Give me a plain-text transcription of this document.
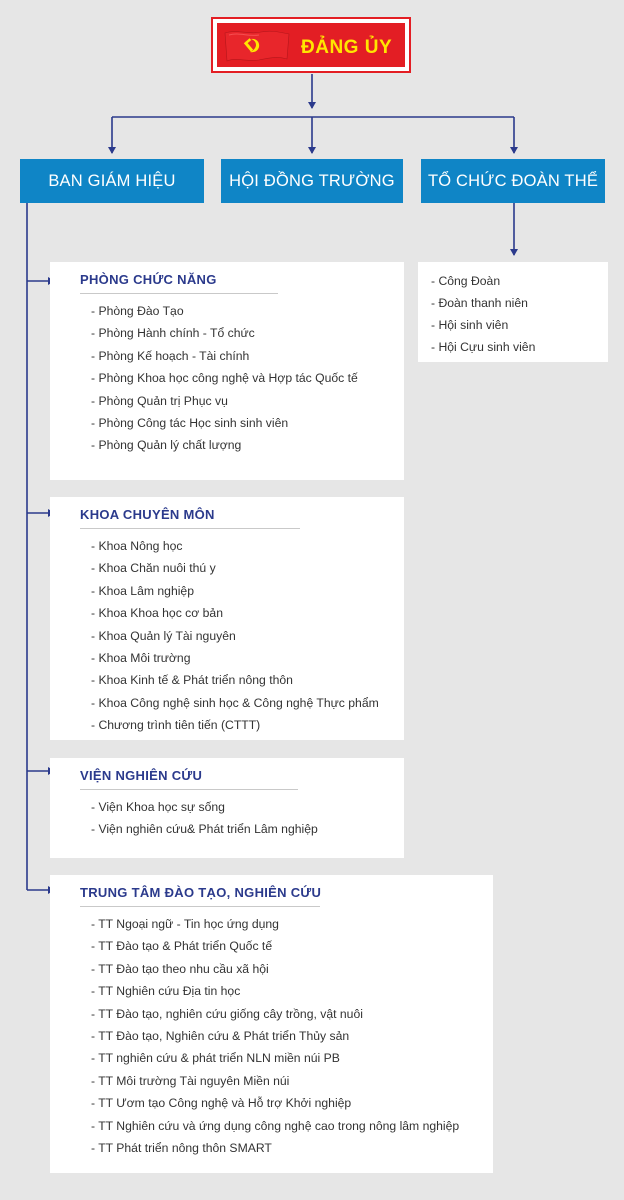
ĐẢNG ỦY
BAN GIÁM HIỆU	HỘI ĐỒNG TRƯỜNG	TỔ CHỨC ĐOÀN THỂ
- Công Đoàn
- Đoàn thanh niên
- Hội sinh viên
- Hội Cựu sinh viên
PHÒNG CHỨC NĂNG
- Phòng Đào Tạo
- Phòng Hành chính - Tổ chức
- Phòng Kế hoạch - Tài chính
- Phòng Khoa học công nghệ và Hợp tác Quốc tế
- Phòng Quản trị Phục vụ
- Phòng Công tác Học sinh sinh viên
- Phòng Quản lý chất lượng
KHOA CHUYÊN MÔN
- Khoa Nông học
- Khoa Chăn nuôi thú y
- Khoa Lâm nghiệp
- Khoa Khoa học cơ bản
- Khoa Quản lý Tài nguyên
- Khoa Môi trường
- Khoa Kinh tế & Phát triển nông thôn
- Khoa Công nghệ sinh học & Công nghệ Thực phẩm
- Chương trình tiên tiến (CTTT)
VIỆN NGHIÊN CỨU
- Viện Khoa học sự sống
- Viện nghiên cứu& Phát triển Lâm nghiệp
TRUNG TÂM ĐÀO TẠO, NGHIÊN CỨU
- TT Ngoại ngữ - Tin học ứng dụng
- TT Đào tạo & Phát triển Quốc tế
- TT Đào tạo theo nhu cầu xã hội
- TT Nghiên cứu Địa tin học
- TT Đào tạo, nghiên cứu giống cây trồng, vật nuôi
- TT Đào tạo, Nghiên cứu & Phát triển Thủy sản
- TT nghiên cứu & phát triển NLN miền núi PB
- TT Môi trường Tài nguyên Miền núi
- TT Ươm tạo Công nghệ và Hỗ trợ Khởi nghiệp
- TT Nghiên cứu và ứng dụng công nghệ cao trong nông lâm nghiệp
- TT Phát triển nông thôn SMART
